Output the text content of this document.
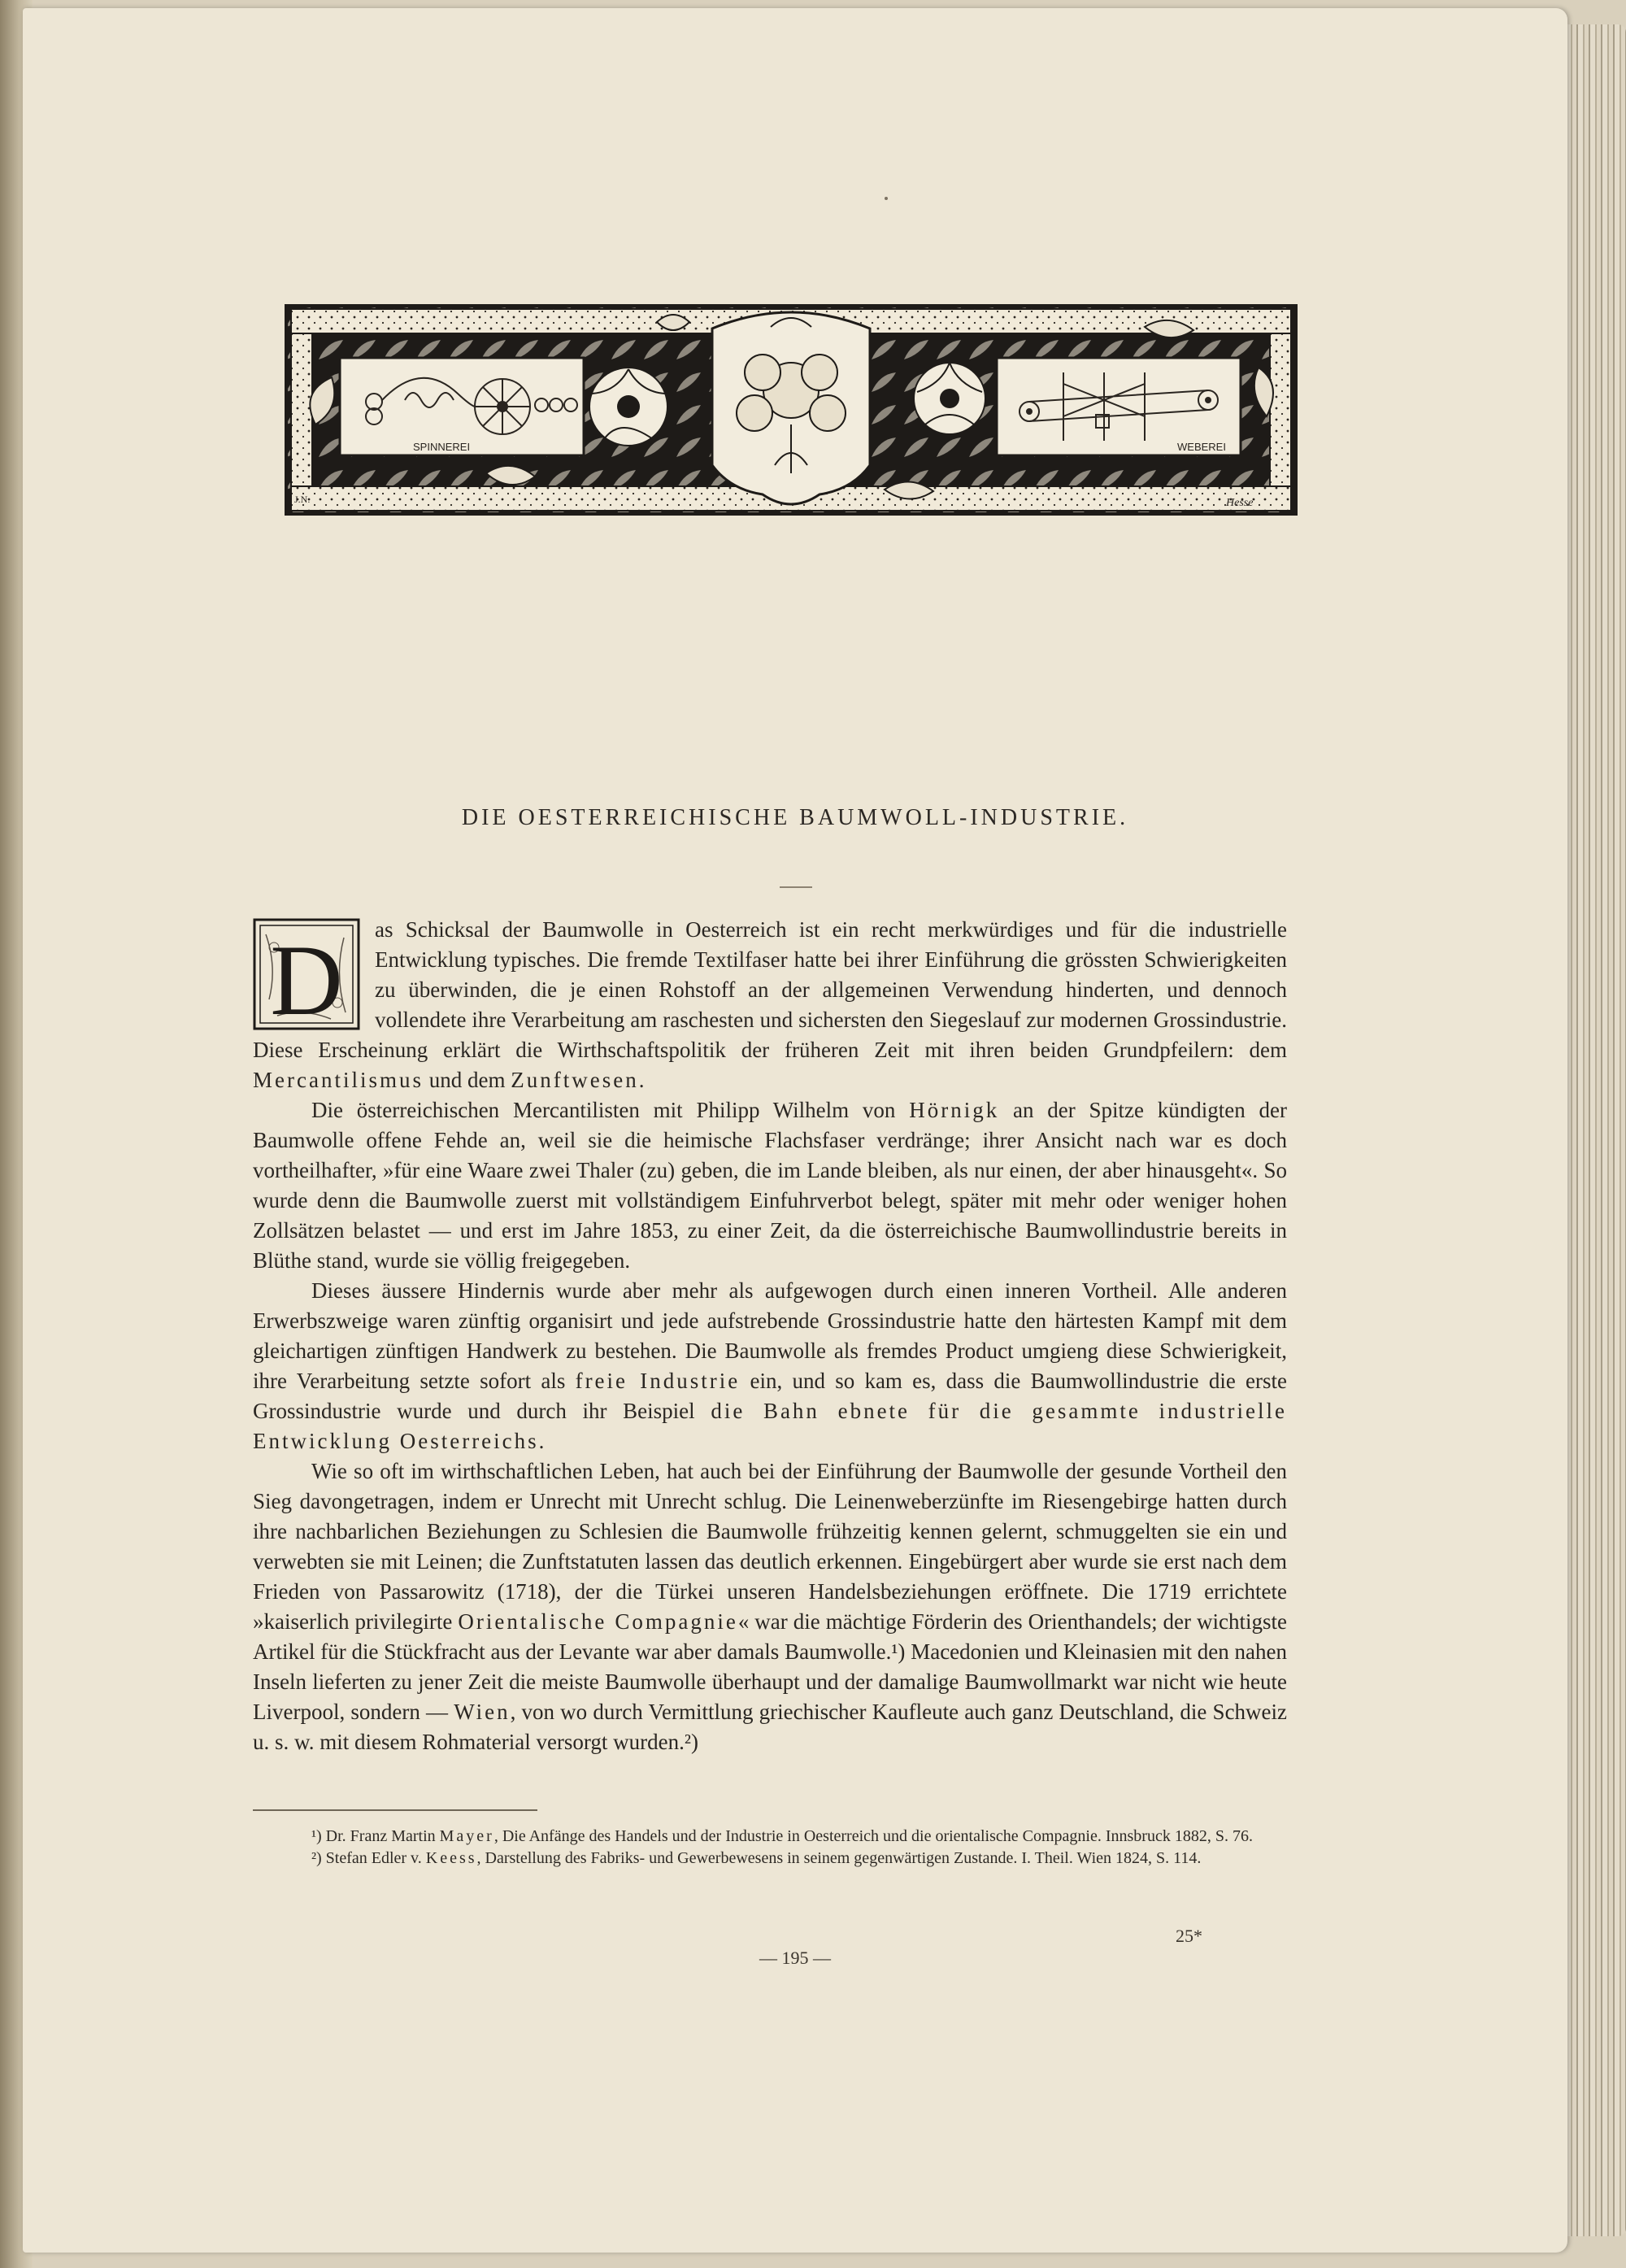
SPINNEREI	WEBEREI
J.N.	Hesse
DIE OESTERREICHISCHE BAUMWOLL-INDUSTRIE.

D as Schicksal der Baumwolle in Oesterreich ist ein recht merkwürdiges und für die industrielle Entwicklung typisches. Die fremde Textilfaser hatte bei ihrer Einführung die grössten Schwierigkeiten zu überwinden, die je einen Rohstoff an der allgemeinen Verwendung hinderten, und dennoch vollendete ihre Verarbeitung am raschesten und sichersten den Siegeslauf zur modernen Grossindustrie. Diese Erscheinung erklärt die Wirthschaftspolitik der früheren Zeit mit ihren beiden Grundpfeilern: dem Mercantilismus und dem Zunftwesen.

Die österreichischen Mercantilisten mit Philipp Wilhelm von Hörnigk an der Spitze kündigten der Baumwolle offene Fehde an, weil sie die heimische Flachsfaser verdränge; ihrer Ansicht nach war es doch vortheilhafter, »für eine Waare zwei Thaler (zu) geben, die im Lande bleiben, als nur einen, der aber hinausgeht«. So wurde denn die Baumwolle zuerst mit vollständigem Einfuhrverbot belegt, später mit mehr oder weniger hohen Zollsätzen belastet — und erst im Jahre 1853, zu einer Zeit, da die österreichische Baumwollindustrie bereits in Blüthe stand, wurde sie völlig freigegeben.

Dieses äussere Hindernis wurde aber mehr als aufgewogen durch einen inneren Vortheil. Alle anderen Erwerbszweige waren zünftig organisirt und jede aufstrebende Grossindustrie hatte den härtesten Kampf mit dem gleichartigen zünftigen Handwerk zu bestehen. Die Baumwolle als fremdes Product umgieng diese Schwierigkeit, ihre Verarbeitung setzte sofort als freie Industrie ein, und so kam es, dass die Baumwollindustrie die erste Grossindustrie wurde und durch ihr Beispiel die Bahn ebnete für die gesammte industrielle Entwicklung Oesterreichs.

Wie so oft im wirthschaftlichen Leben, hat auch bei der Einführung der Baumwolle der gesunde Vortheil den Sieg davongetragen, indem er Unrecht mit Unrecht schlug. Die Leinenweberzünfte im Riesengebirge hatten durch ihre nachbarlichen Beziehungen zu Schlesien die Baumwolle frühzeitig kennen gelernt, schmuggelten sie ein und verwebten sie mit Leinen; die Zunftstatuten lassen das deutlich erkennen. Eingebürgert aber wurde sie erst nach dem Frieden von Passarowitz (1718), der die Türkei unseren Handelsbeziehungen eröffnete. Die 1719 errichtete »kaiserlich privilegirte Orientalische Compagnie« war die mächtige Förderin des Orienthandels; der wichtigste Artikel für die Stückfracht aus der Levante war aber damals Baumwolle.¹) Macedonien und Kleinasien mit den nahen Inseln lieferten zu jener Zeit die meiste Baumwolle überhaupt und der damalige Baumwollmarkt war nicht wie heute Liverpool, sondern — Wien, von wo durch Vermittlung griechischer Kaufleute auch ganz Deutschland, die Schweiz u. s. w. mit diesem Rohmaterial versorgt wurden.²)

¹) Dr. Franz Martin Mayer, Die Anfänge des Handels und der Industrie in Oesterreich und die orientalische Compagnie. Innsbruck 1882, S. 76.

²) Stefan Edler v. Keess, Darstellung des Fabriks- und Gewerbewesens in seinem gegenwärtigen Zustande. I. Theil. Wien 1824, S. 114.

— 195 —
25*
